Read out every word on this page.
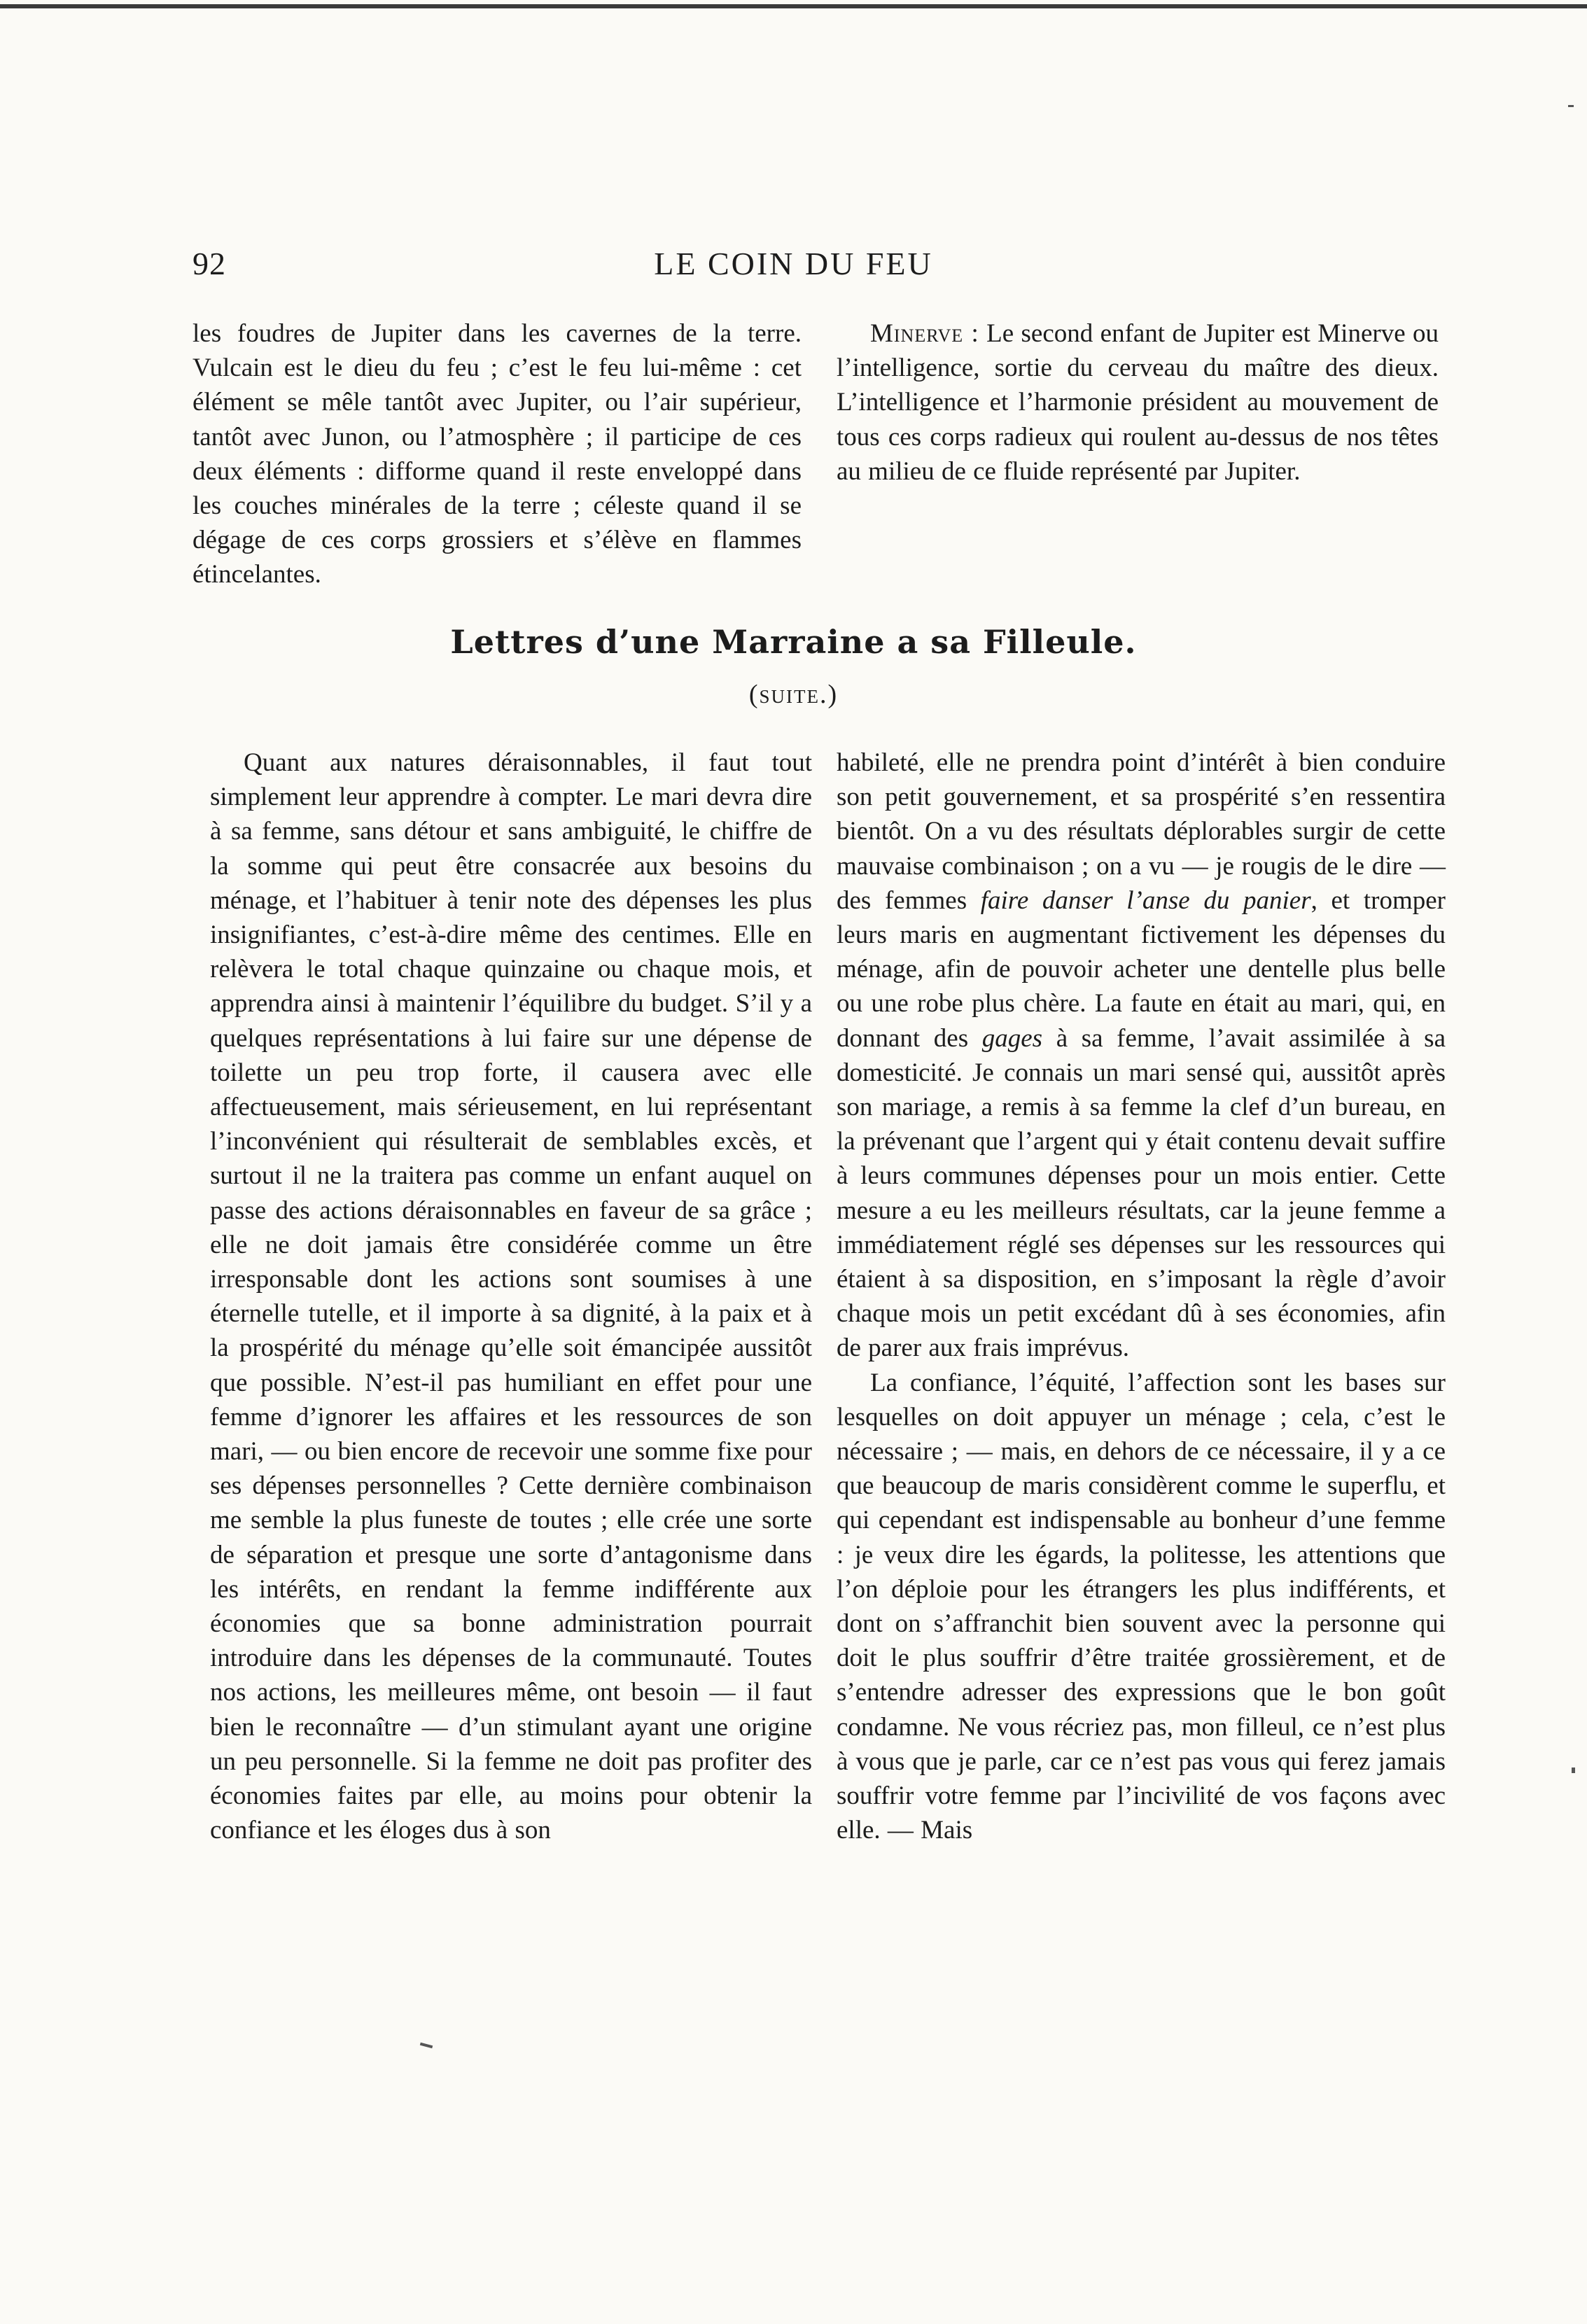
92	LE COIN DU FEU

les foudres de Jupiter dans les cavernes de la terre. Vulcain est le dieu du feu ; c’est le feu lui-même : cet élément se mêle tantôt avec Jupiter, ou l’air supérieur, tantôt avec Junon, ou l’atmosphère ; il participe de ces deux éléments : difforme quand il reste enveloppé dans les couches minérales de la terre ; céleste quand il se dégage de ces corps grossiers et s’élève en flammes étincelantes.

Minerve : Le second enfant de Jupiter est Minerve ou l’intelligence, sortie du cerveau du maître des dieux. L’intelligence et l’harmonie président au mouvement de tous ces corps radieux qui roulent au-dessus de nos têtes au milieu de ce fluide représenté par Jupiter.

Lettres d’une Marraine a sa Filleule.
(suite.)

Quant aux natures déraisonnables, il faut tout simplement leur apprendre à compter. Le mari devra dire à sa femme, sans détour et sans ambiguité, le chiffre de la somme qui peut être consacrée aux besoins du ménage, et l’habituer à tenir note des dépenses les plus insignifiantes, c’est-à-dire même des centimes. Elle en relèvera le total chaque quinzaine ou chaque mois, et apprendra ainsi à maintenir l’équilibre du budget. S’il y a quelques représentations à lui faire sur une dépense de toilette un peu trop forte, il causera avec elle affectueusement, mais sérieusement, en lui représentant l’inconvénient qui résulterait de semblables excès, et surtout il ne la traitera pas comme un enfant auquel on passe des actions déraisonnables en faveur de sa grâce ; elle ne doit jamais être considérée comme un être irresponsable dont les actions sont soumises à une éternelle tutelle, et il importe à sa dignité, à la paix et à la prospérité du ménage qu’elle soit émancipée aussitôt que possible. N’est-il pas humiliant en effet pour une femme d’ignorer les affaires et les ressources de son mari, — ou bien encore de recevoir une somme fixe pour ses dépenses personnelles ? Cette dernière combinaison me semble la plus funeste de toutes ; elle crée une sorte de séparation et presque une sorte d’antagonisme dans les intérêts, en rendant la femme indifférente aux économies que sa bonne administration pourrait introduire dans les dépenses de la communauté. Toutes nos actions, les meilleures même, ont besoin — il faut bien le reconnaître — d’un stimulant ayant une origine un peu personnelle. Si la femme ne doit pas profiter des économies faites par elle, au moins pour obtenir la confiance et les éloges dus à son

habileté, elle ne prendra point d’intérêt à bien conduire son petit gouvernement, et sa prospérité s’en ressentira bientôt. On a vu des résultats déplorables surgir de cette mauvaise combinaison ; on a vu — je rougis de le dire — des femmes faire danser l’anse du panier, et tromper leurs maris en augmentant fictivement les dépenses du ménage, afin de pouvoir acheter une dentelle plus belle ou une robe plus chère. La faute en était au mari, qui, en donnant des gages à sa femme, l’avait assimilée à sa domesticité. Je connais un mari sensé qui, aussitôt après son mariage, a remis à sa femme la clef d’un bureau, en la prévenant que l’argent qui y était contenu devait suffire à leurs communes dépenses pour un mois entier. Cette mesure a eu les meilleurs résultats, car la jeune femme a immédiatement réglé ses dépenses sur les ressources qui étaient à sa disposition, en s’imposant la règle d’avoir chaque mois un petit excédant dû à ses économies, afin de parer aux frais imprévus.

La confiance, l’équité, l’affection sont les bases sur lesquelles on doit appuyer un ménage ; cela, c’est le nécessaire ; — mais, en dehors de ce nécessaire, il y a ce que beaucoup de maris considèrent comme le superflu, et qui cependant est indispensable au bonheur d’une femme : je veux dire les égards, la politesse, les attentions que l’on déploie pour les étrangers les plus indifférents, et dont on s’affranchit bien souvent avec la personne qui doit le plus souffrir d’être traitée grossièrement, et de s’entendre adresser des expressions que le bon goût condamne. Ne vous récriez pas, mon filleul, ce n’est plus à vous que je parle, car ce n’est pas vous qui ferez jamais souffrir votre femme par l’incivilité de vos façons avec elle. — Mais
